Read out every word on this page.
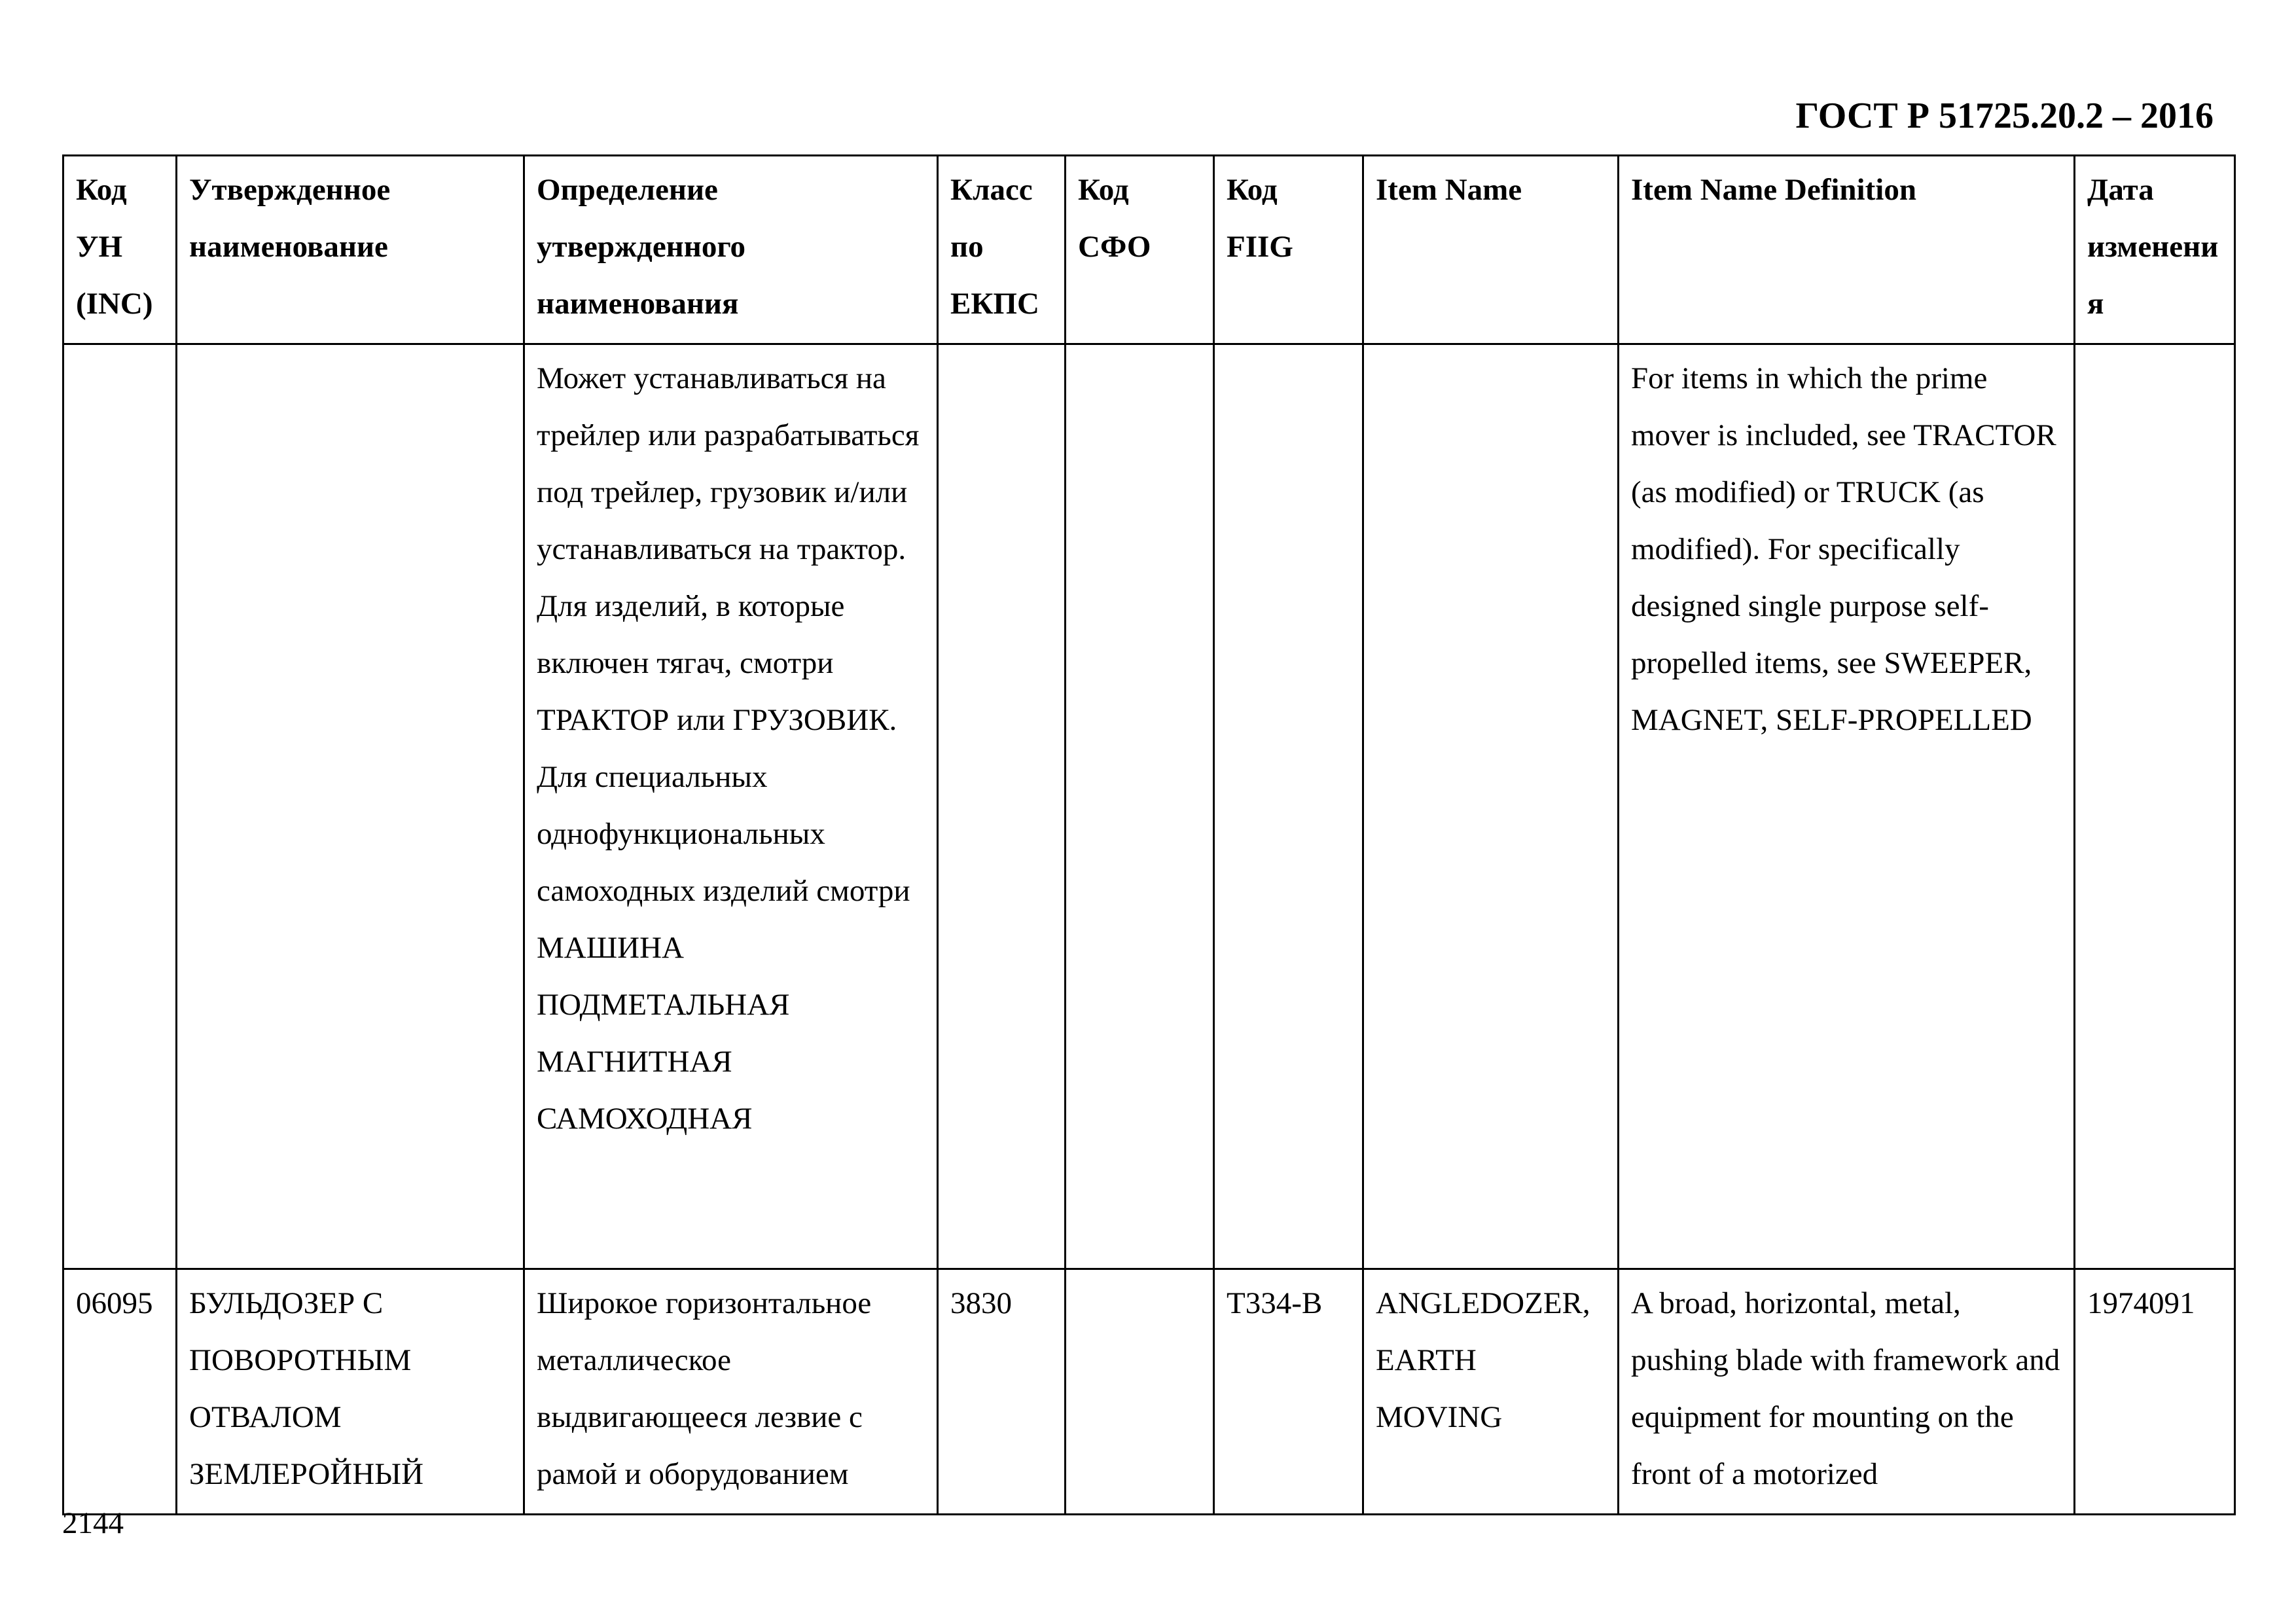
ГОСТ Р 51725.20.2 – 2016
Код УН (INC)	Утвержденное наименование	Определение утвержденного наименования	Класс по ЕКПС	Код СФО	Код FIIG	Item Name	Item Name Definition	Дата изменения
		Может устанавливаться на трейлер или разрабатываться под трейлер, грузовик и/или устанавливаться на трактор. Для изделий, в которые включен тягач, смотри ТРАКТОР или ГРУЗОВИК. Для специальных однофункциональных самоходных изделий смотри МАШИНА ПОДМЕТАЛЬНАЯ МАГНИТНАЯ САМОХОДНАЯ					For items in which the prime mover is included, see TRACTOR (as modified) or TRUCK (as modified). For specifically designed single purpose self-propelled items, see SWEEPER, MAGNET, SELF-PROPELLED	
06095	БУЛЬДОЗЕР С ПОВОРОТНЫМ ОТВАЛОМ ЗЕМЛЕРОЙНЫЙ	Широкое горизонтальное металлическое выдвигающееся лезвие с рамой и оборудованием	3830		T334-B	ANGLEDOZER, EARTH MOVING	A broad, horizontal, metal, pushing blade with framework and equipment for mounting on the front of a motorized	1974091
2144
